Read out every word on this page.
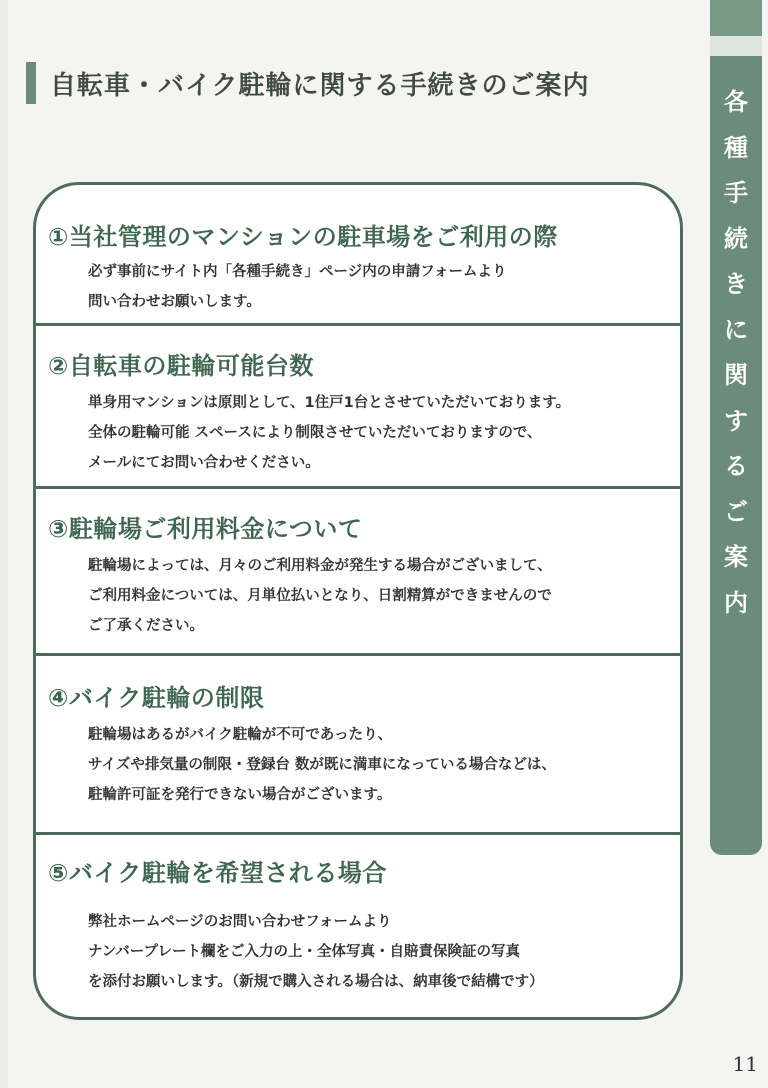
自転車・バイク駐輪に関する手続きのご案内
各
種
手
続
き
に
関
す
る
ご
案
内
①当社管理のマンションの駐車場をご利用の際
必ず事前にサイト内「各種手続き」ページ内の申請フォームより
問い合わせお願いします。
②自転車の駐輪可能台数
単身用マンションは原則として、1住戸1台とさせていただいております。
全体の駐輪可能 スペースにより制限させていただいておりますので、
メールにてお問い合わせください。
③駐輪場ご利用料金について
駐輪場によっては、月々のご利用料金が発生する場合がございまして、
ご利用料金については、月単位払いとなり、日割精算ができませんので
ご了承ください。
④バイク駐輪の制限
駐輪場はあるがバイク駐輪が不可であったり、
サイズや排気量の制限・登録台 数が既に満車になっている場合などは、
駐輪許可証を発行できない場合がございます。
⑤バイク駐輪を希望される場合
弊社ホームページのお問い合わせフォームより
ナンバープレート欄をご入力の上・全体写真・自賠責保険証の写真
を添付お願いします。（新規で購入される場合は、納車後で結構です）
11
